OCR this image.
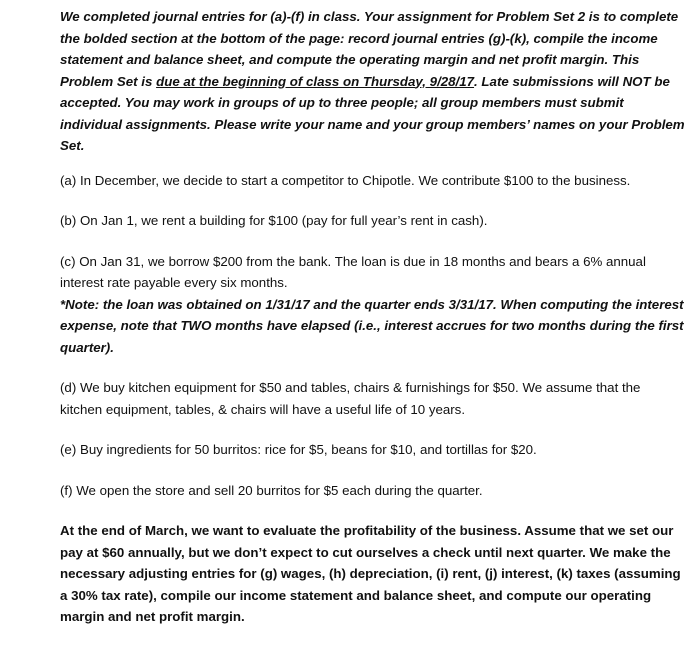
We completed journal entries for (a)-(f) in class. Your assignment for Problem Set 2 is to complete the bolded section at the bottom of the page: record journal entries (g)-(k), compile the income statement and balance sheet, and compute the operating margin and net profit margin. This Problem Set is due at the beginning of class on Thursday, 9/28/17. Late submissions will NOT be accepted. You may work in groups of up to three people; all group members must submit individual assignments. Please write your name and your group members’ names on your Problem Set.

(a) In December, we decide to start a competitor to Chipotle. We contribute $100 to the business.

(b) On Jan 1, we rent a building for $100 (pay for full year’s rent in cash).

(c) On Jan 31, we borrow $200 from the bank. The loan is due in 18 months and bears a 6% annual interest rate payable every six months.

*Note: the loan was obtained on 1/31/17 and the quarter ends 3/31/17. When computing the interest expense, note that TWO months have elapsed (i.e., interest accrues for two months during the first quarter).

(d) We buy kitchen equipment for $50 and tables, chairs & furnishings for $50. We assume that the kitchen equipment, tables, & chairs will have a useful life of 10 years.

(e) Buy ingredients for 50 burritos: rice for $5, beans for $10, and tortillas for $20.

(f) We open the store and sell 20 burritos for $5 each during the quarter.

At the end of March, we want to evaluate the profitability of the business. Assume that we set our pay at $60 annually, but we don’t expect to cut ourselves a check until next quarter. We make the necessary adjusting entries for (g) wages, (h) depreciation, (i) rent, (j) interest, (k) taxes (assuming a 30% tax rate), compile our income statement and balance sheet, and compute our operating margin and net profit margin.
